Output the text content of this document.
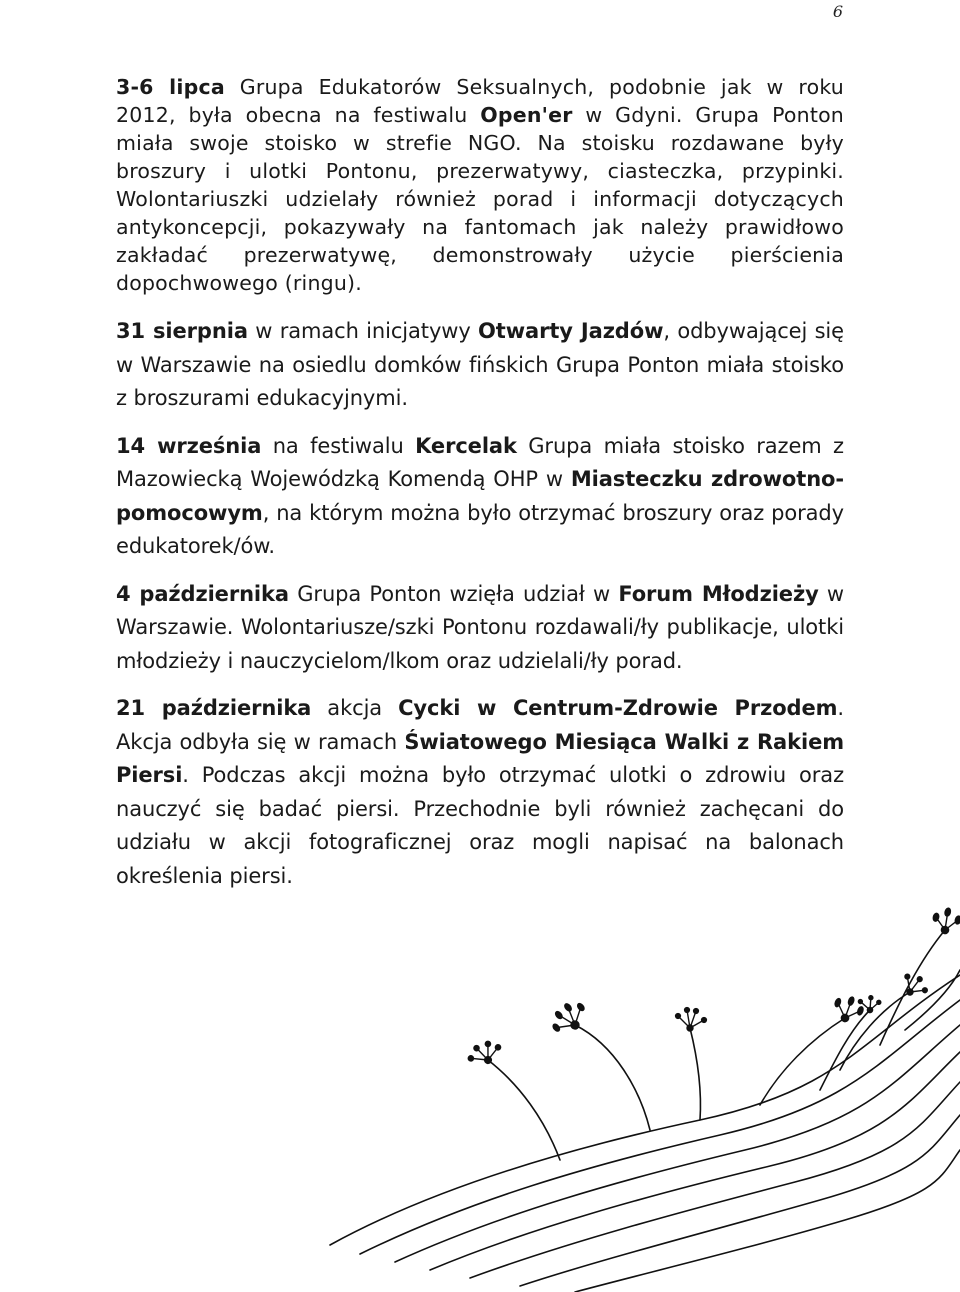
6

3-6 lipca Grupa Edukatorów Seksualnych, podobnie jak w roku 2012, była obecna na festiwalu Open'er w Gdyni. Grupa Ponton miała swoje stoisko w strefie NGO. Na stoisku rozdawane były broszury i ulotki Pontonu, prezerwatywy, ciasteczka, przypinki. Wolontariuszki udzielały również porad i informacji dotyczących antykoncepcji, pokazywały na fantomach jak należy prawidłowo zakładać prezerwatywę, demonstrowały użycie pierścienia dopochwowego (ringu).

31 sierpnia w ramach inicjatywy Otwarty Jazdów, odbywającej się w Warszawie na osiedlu domków fińskich Grupa Ponton miała stoisko z broszurami edukacyjnymi.

14 września na festiwalu Kercelak Grupa miała stoisko razem z Mazowiecką Wojewódzką Komendą OHP w Miasteczku zdrowotno-pomocowym, na którym można było otrzymać broszury oraz porady edukatorek/ów.

4 października Grupa Ponton wzięła udział w Forum Młodzieży w Warszawie. Wolontariusze/szki Pontonu rozdawali/ły publikacje, ulotki młodzieży i nauczycielom/lkom oraz udzielali/ły porad.

21 października akcja Cycki w Centrum-Zdrowie Przodem. Akcja odbyła się w ramach Światowego Miesiąca Walki z Rakiem Piersi. Podczas akcji można było otrzymać ulotki o zdrowiu oraz nauczyć się badać piersi. Przechodnie byli również zachęcani do udziału w akcji fotograficznej oraz mogli napisać na balonach określenia piersi.
